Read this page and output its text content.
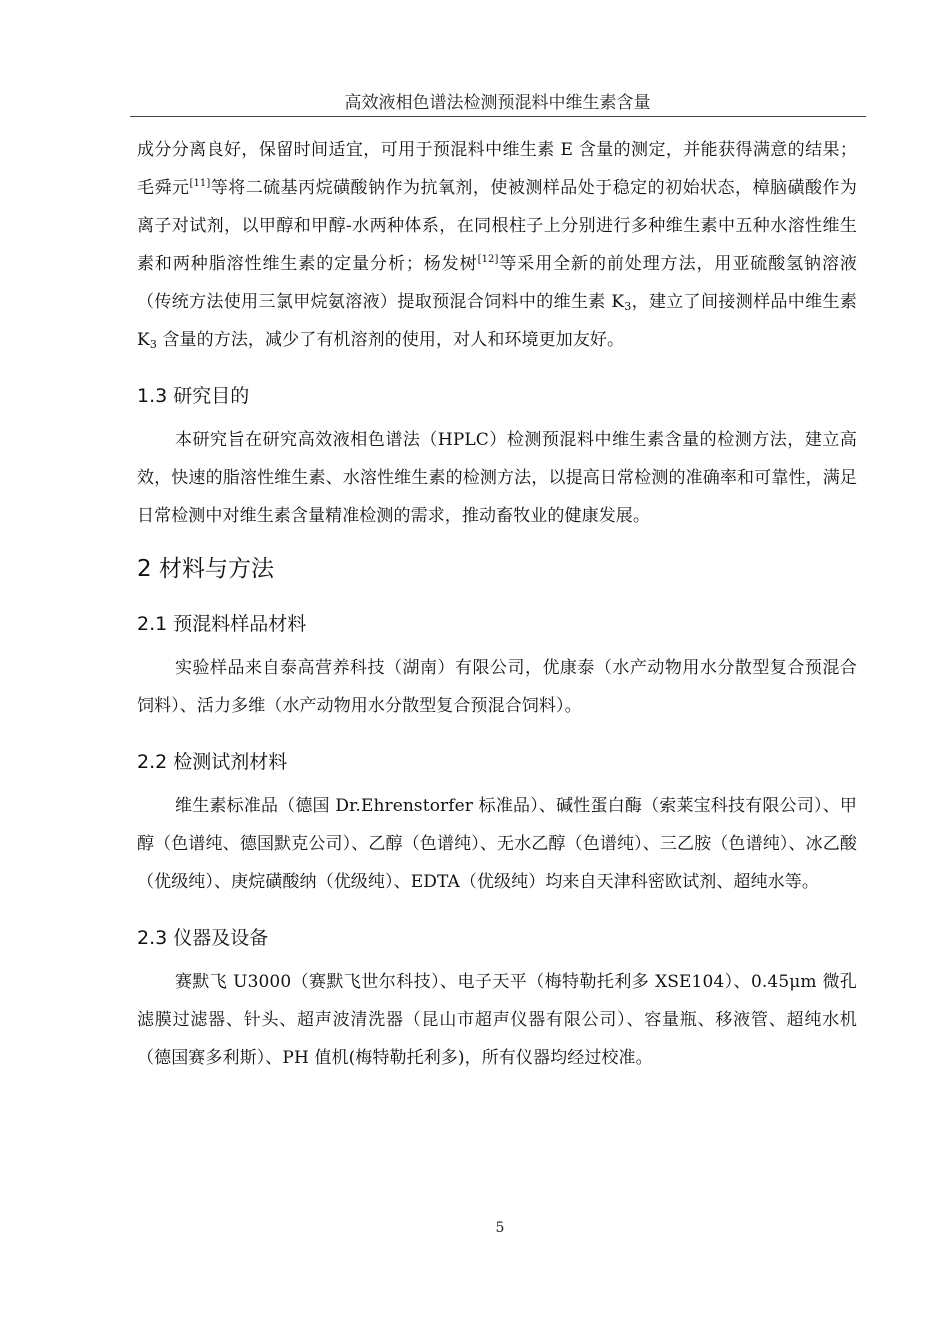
高效液相色谱法检测预混料中维生素含量

成分分离良好，保留时间适宜，可用于预混料中维生素 E 含量的测定，并能获得满意的结果；毛舜元[11]等将二硫基丙烷磺酸钠作为抗氧剂，使被测样品处于稳定的初始状态，樟脑磺酸作为离子对试剂，以甲醇和甲醇-水两种体系，在同根柱子上分别进行多种维生素中五种水溶性维生素和两种脂溶性维生素的定量分析；杨发树[12]等采用全新的前处理方法，用亚硫酸氢钠溶液（传统方法使用三氯甲烷氨溶液）提取预混合饲料中的维生素 $K_3$，建立了间接测样品中维生素 $K_3$ 含量的方法，减少了有机溶剂的使用，对人和环境更加友好。

1.3 研究目的

本研究旨在研究高效液相色谱法（HPLC）检测预混料中维生素含量的检测方法，建立高效，快速的脂溶性维生素、水溶性维生素的检测方法，以提高日常检测的准确率和可靠性，满足日常检测中对维生素含量精准检测的需求，推动畜牧业的健康发展。

2 材料与方法
2.1 预混料样品材料

实验样品来自泰高营养科技（湖南）有限公司，优康泰（水产动物用水分散型复合预混合饲料）、活力多维（水产动物用水分散型复合预混合饲料）。

2.2 检测试剂材料

维生素标准品（德国 Dr.Ehrenstorfer 标准品）、碱性蛋白酶（索莱宝科技有限公司）、甲醇（色谱纯、德国默克公司）、乙醇（色谱纯）、无水乙醇（色谱纯）、三乙胺（色谱纯）、冰乙酸（优级纯）、庚烷磺酸纳（优级纯）、EDTA（优级纯）均来自天津科密欧试剂、超纯水等。

2.3 仪器及设备

赛默飞 U3000（赛默飞世尔科技）、电子天平（梅特勒托利多 XSE104）、0.45μm 微孔滤膜过滤器、针头、超声波清洗器（昆山市超声仪器有限公司）、容量瓶、移液管、超纯水机（德国赛多利斯）、PH 值机(梅特勒托利多)，所有仪器均经过校准。

5
